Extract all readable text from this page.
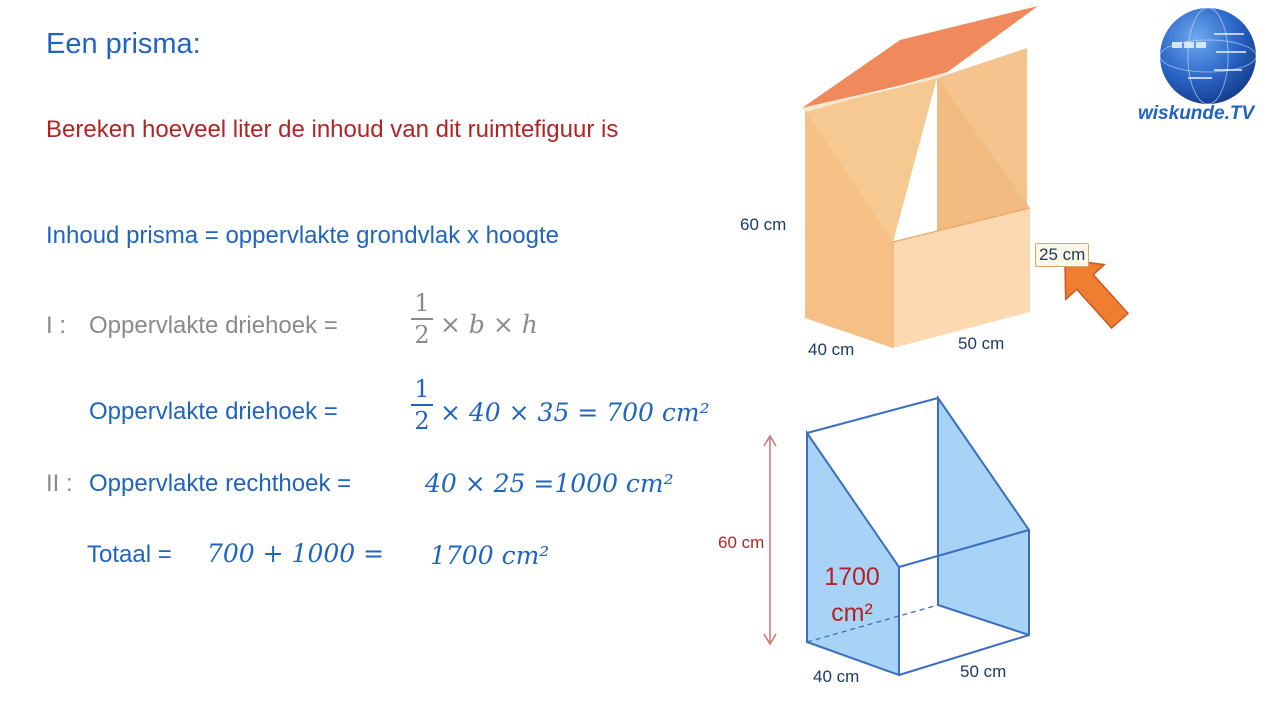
Een prisma:
Bereken hoeveel liter de inhoud van dit ruimtefiguur is
Inhoud prisma = oppervlakte grondvlak x hoogte
I : Oppervlakte driehoek =
1
2 × b × h
Oppervlakte driehoek =
1
2 × 40 × 35 = 700 cm²
II : Oppervlakte rechthoek =	40 × 25 =1000 cm²
Totaal = 700 + 1000 = 1700 cm²
60 cm
25 cm
40 cm	50 cm
60 cm
1700
cm²
40 cm	50 cm
wiskunde.TV
